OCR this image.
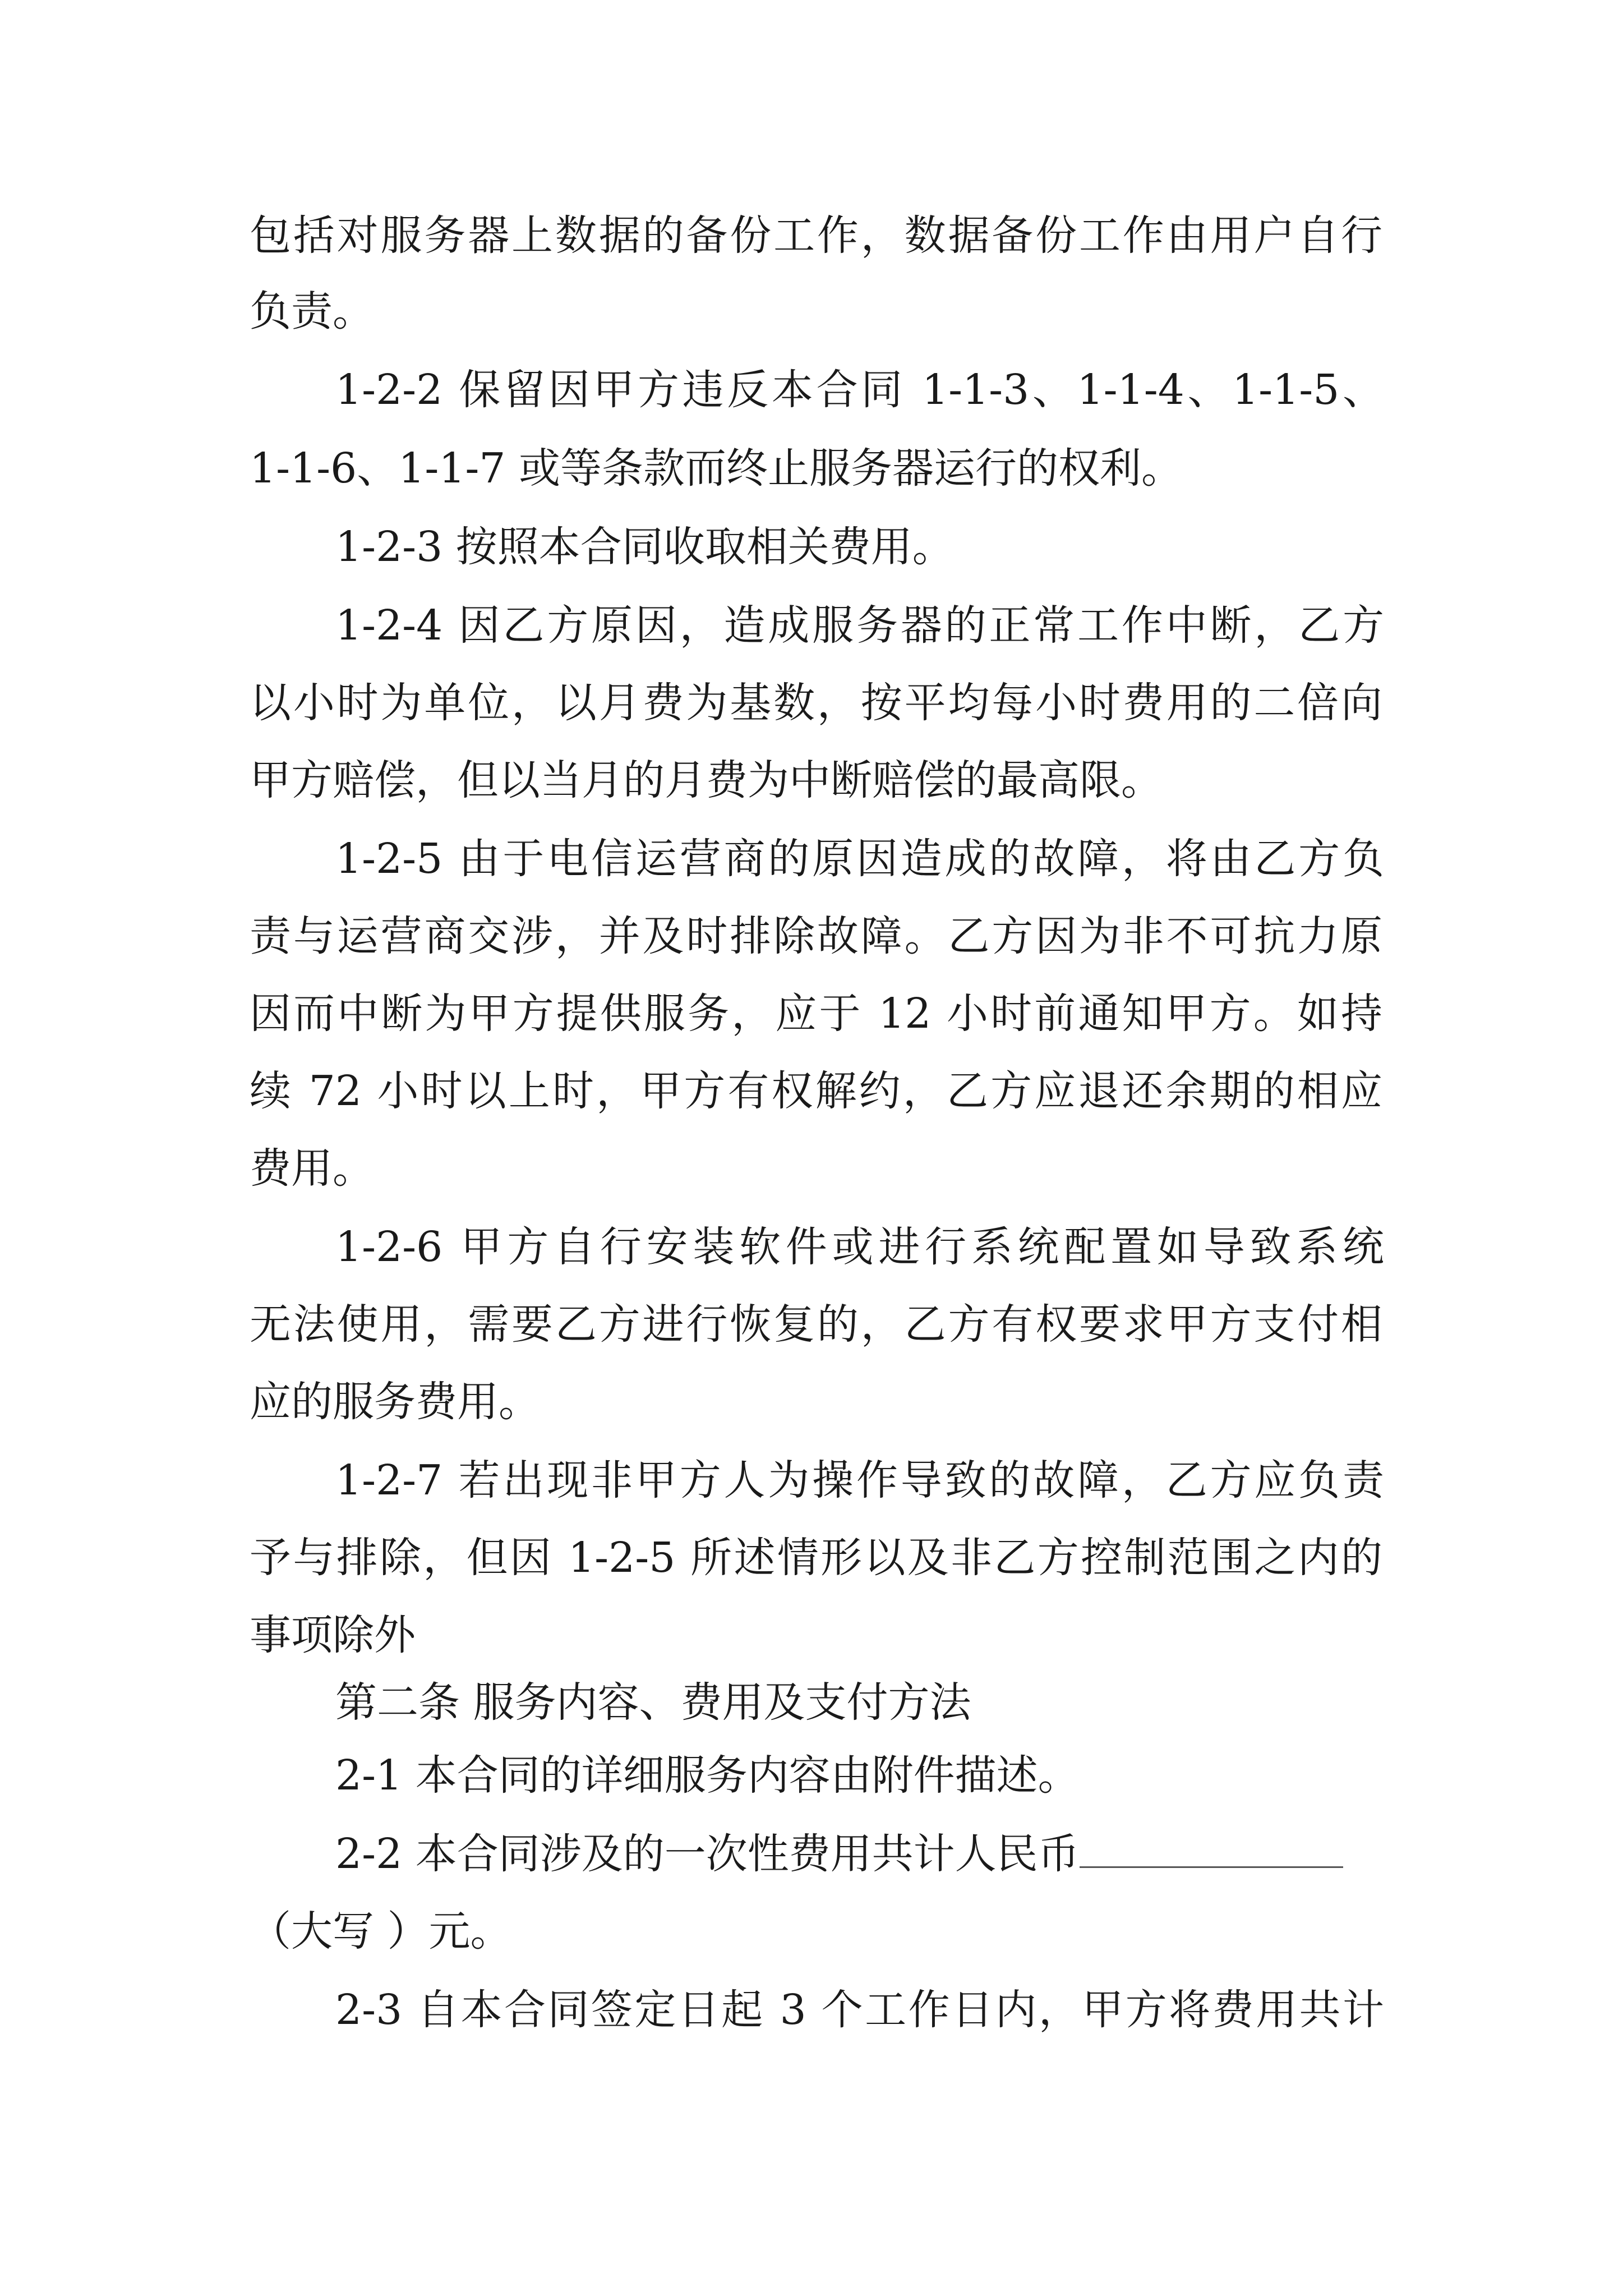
包括对服务器上数据的备份工作，数据备份工作由用户自行
负责。
1-2-2 保留因甲方违反本合同 1-1-3、1-1-4、1-1-5、
1-1-6、1-1-7 或等条款而终止服务器运行的权利。
1-2-3 按照本合同收取相关费用。
1-2-4 因乙方原因，造成服务器的正常工作中断，乙方
以小时为单位，以月费为基数，按平均每小时费用的二倍向
甲方赔偿，但以当月的月费为中断赔偿的最高限。
1-2-5 由于电信运营商的原因造成的故障，将由乙方负
责与运营商交涉，并及时排除故障。乙方因为非不可抗力原
因而中断为甲方提供服务，应于 12 小时前通知甲方。如持
续 72 小时以上时，甲方有权解约，乙方应退还余期的相应
费用。
1-2-6 甲方自行安装软件或进行系统配置如导致系统
无法使用，需要乙方进行恢复的，乙方有权要求甲方支付相
应的服务费用。
1-2-7 若出现非甲方人为操作导致的故障，乙方应负责
予与排除，但因 1-2-5 所述情形以及非乙方控制范围之内的
事项除外
第二条 服务内容、费用及支付方法
2-1 本合同的详细服务内容由附件描述。
2-2 本合同涉及的一次性费用共计人民币
（大写 ）元。
2-3 自本合同签定日起 3 个工作日内，甲方将费用共计
